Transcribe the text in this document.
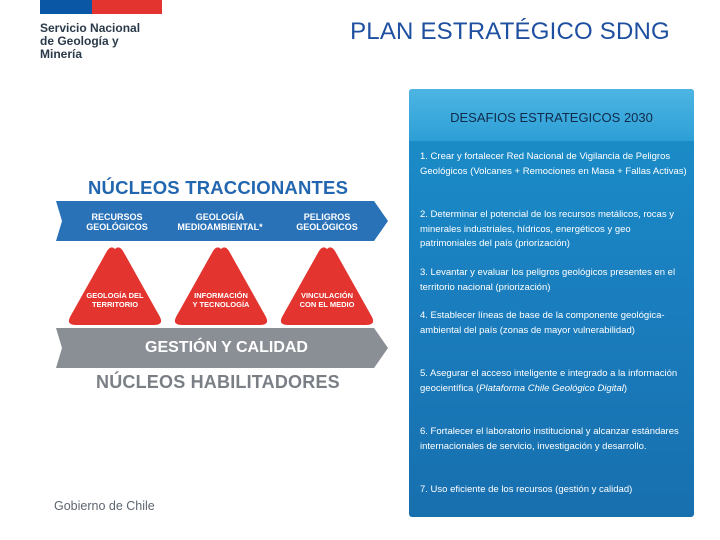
Servicio Nacional
de Geología y
Minería
PLAN ESTRATÉGICO SDNG
NÚCLEOS TRACCIONANTES
RECURSOS
GEOLÓGICOS
GEOLOGÍA
MEDIOAMBIENTAL*
PELIGROS
GEOLÓGICOS
GEOLOGÍA DEL
TERRITORIO
INFORMACIÓN
Y TECNOLOGÍA
VINCULACIÓN
CON EL MEDIO
GESTIÓN Y CALIDAD
NÚCLEOS HABILITADORES
Gobierno de Chile
DESAFIOS ESTRATEGICOS 2030
1. Crear y fortalecer Red Nacional de Vigilancia de Peligros Geológicos (Volcanes + Remociones en Masa + Fallas Activas)
2. Determinar el potencial de los recursos metálicos, rocas y minerales industriales, hídricos, energéticos y geo patrimoniales del país (priorización)
3. Levantar y evaluar los peligros geológicos presentes en el territorio nacional (priorización)
4. Establecer líneas de base de la componente geológica-ambiental del país (zonas de mayor vulnerabilidad)
5. Asegurar el acceso inteligente e integrado a la información geocientífica (Plataforma Chile Geológico Digital)
6. Fortalecer el laboratorio institucional y alcanzar estándares internacionales de servicio, investigación y desarrollo.
7. Uso eficiente de los recursos (gestión y calidad)
